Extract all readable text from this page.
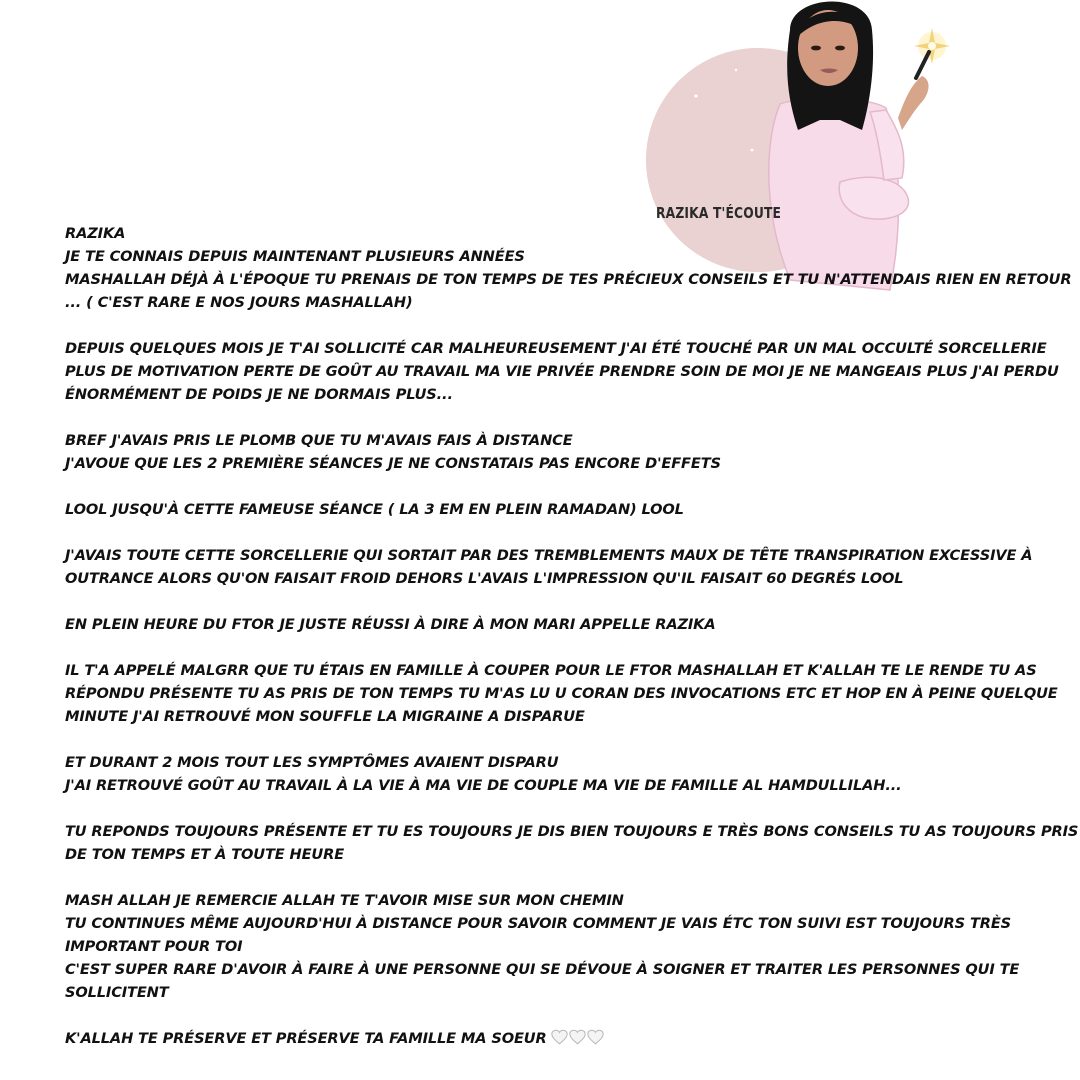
RAZIKA T'ÉCOUTE

RAZIKA
JE TE CONNAIS DEPUIS MAINTENANT PLUSIEURS ANNÉES
MASHALLAH DÉJÀ À L'ÉPOQUE TU PRENAIS DE TON TEMPS DE TES PRÉCIEUX CONSEILS ET TU N'ATTENDAIS RIEN EN RETOUR
... ( C'EST RARE E NOS JOURS MASHALLAH)

DEPUIS QUELQUES MOIS JE T'AI SOLLICITÉ CAR MALHEUREUSEMENT J'AI ÉTÉ TOUCHÉ PAR UN MAL OCCULTÉ SORCELLERIE
PLUS DE MOTIVATION PERTE DE GOÛT AU TRAVAIL MA VIE PRIVÉE PRENDRE SOIN DE MOI JE NE MANGEAIS PLUS J'AI PERDU
ÉNORMÉMENT DE POIDS JE NE DORMAIS PLUS...

BREF J'AVAIS PRIS LE PLOMB QUE TU M'AVAIS FAIS À DISTANCE
J'AVOUE QUE LES 2 PREMIÈRE SÉANCES JE NE CONSTATAIS PAS ENCORE D'EFFETS

LOOL JUSQU'À CETTE FAMEUSE SÉANCE ( LA 3 EM EN PLEIN RAMADAN) LOOL

J'AVAIS TOUTE CETTE SORCELLERIE QUI SORTAIT PAR DES TREMBLEMENTS MAUX DE TÊTE TRANSPIRATION EXCESSIVE À
OUTRANCE ALORS QU'ON FAISAIT FROID DEHORS L'AVAIS L'IMPRESSION QU'IL FAISAIT 60 DEGRÉS LOOL

EN PLEIN HEURE DU FTOR JE JUSTE RÉUSSI À DIRE À MON MARI APPELLE RAZIKA

IL T'A APPELÉ MALGRR QUE TU ÉTAIS EN FAMILLE À COUPER POUR LE FTOR MASHALLAH ET K'ALLAH TE LE RENDE TU AS
RÉPONDU PRÉSENTE TU AS PRIS DE TON TEMPS TU M'AS LU U CORAN DES INVOCATIONS ETC ET HOP EN À PEINE QUELQUE
MINUTE J'AI RETROUVÉ MON SOUFFLE LA MIGRAINE A DISPARUE

ET DURANT 2 MOIS TOUT LES SYMPTÔMES AVAIENT DISPARU
J'AI RETROUVÉ GOÛT AU TRAVAIL À LA VIE À MA VIE DE COUPLE MA VIE DE FAMILLE AL HAMDULLILAH...

TU REPONDS TOUJOURS PRÉSENTE ET TU ES TOUJOURS JE DIS BIEN TOUJOURS E TRÈS BONS CONSEILS TU AS TOUJOURS PRIS
DE TON TEMPS ET À TOUTE HEURE

MASH ALLAH JE REMERCIE ALLAH TE T'AVOIR MISE SUR MON CHEMIN
TU CONTINUES MÊME AUJOURD'HUI À DISTANCE POUR SAVOIR COMMENT JE VAIS ÉTC TON SUIVI EST TOUJOURS TRÈS
IMPORTANT POUR TOI
C'EST SUPER RARE D'AVOIR À FAIRE À UNE PERSONNE QUI SE DÉVOUE À SOIGNER ET TRAITER LES PERSONNES QUI TE
SOLLICITENT

K'ALLAH TE PRÉSERVE ET PRÉSERVE TA FAMILLE MA SOEUR
